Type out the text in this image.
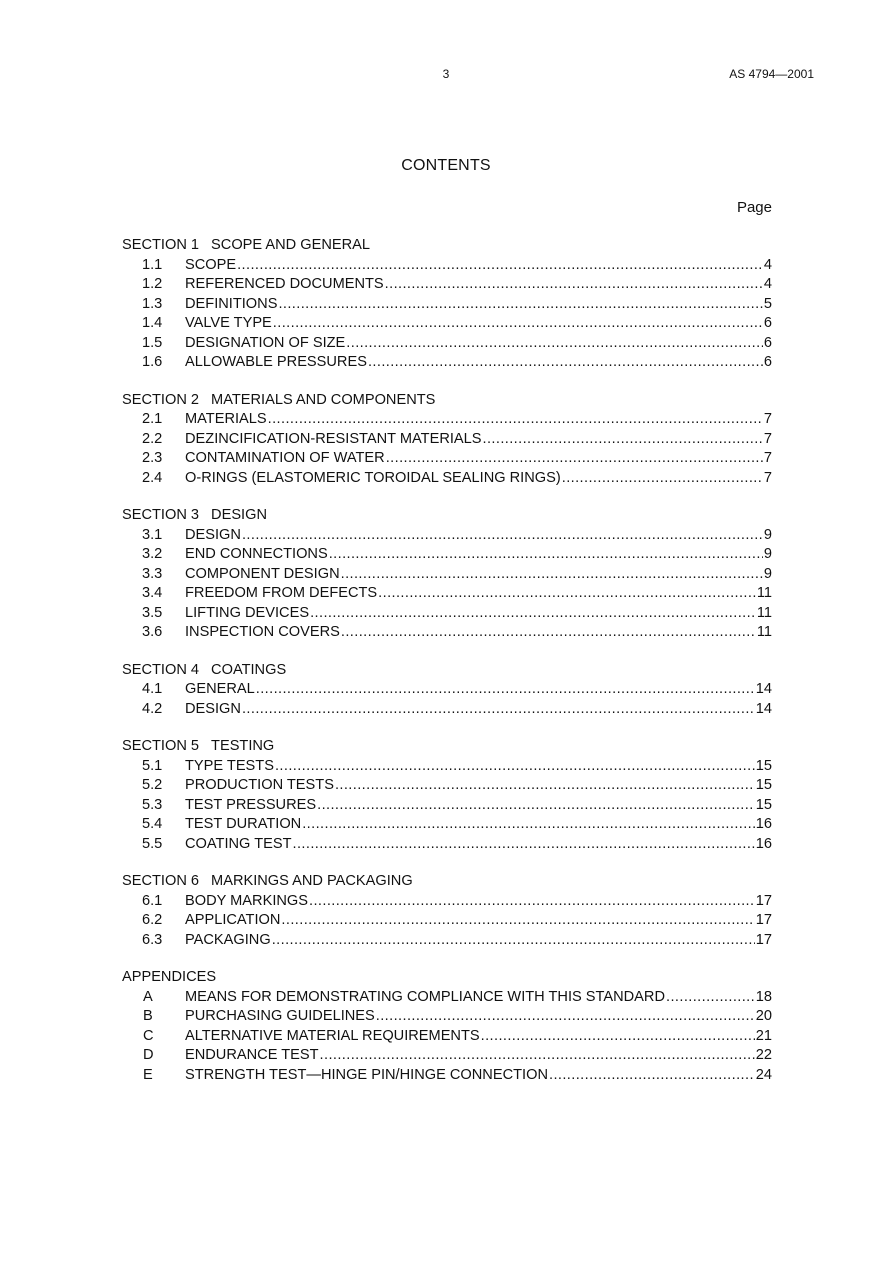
3	AS 4794—2001
CONTENTS
Page
SECTION 1 SCOPE AND GENERAL
1.1	SCOPE .....	4
1.2	REFERENCED DOCUMENTS .....	4
1.3	DEFINITIONS .....	5
1.4	VALVE TYPE .....	6
1.5	DESIGNATION OF SIZE .....	6
1.6	ALLOWABLE PRESSURES .....	6
SECTION 2 MATERIALS AND COMPONENTS
2.1	MATERIALS .....	7
2.2	DEZINCIFICATION-RESISTANT MATERIALS .....	7
2.3	CONTAMINATION OF WATER .....	7
2.4	O-RINGS (ELASTOMERIC TOROIDAL SEALING RINGS) .....	7
SECTION 3 DESIGN
3.1	DESIGN .....	9
3.2	END CONNECTIONS .....	9
3.3	COMPONENT DESIGN .....	9
3.4	FREEDOM FROM DEFECTS .....	11
3.5	LIFTING DEVICES .....	11
3.6	INSPECTION COVERS .....	11
SECTION 4 COATINGS
4.1	GENERAL .....	14
4.2	DESIGN .....	14
SECTION 5 TESTING
5.1	TYPE TESTS .....	15
5.2	PRODUCTION TESTS .....	15
5.3	TEST PRESSURES .....	15
5.4	TEST DURATION .....	16
5.5	COATING TEST .....	16
SECTION 6 MARKINGS AND PACKAGING
6.1	BODY MARKINGS .....	17
6.2	APPLICATION .....	17
6.3	PACKAGING .....	17
APPENDICES
A	MEANS FOR DEMONSTRATING COMPLIANCE WITH THIS STANDARD .....	18
B	PURCHASING GUIDELINES .....	20
C	ALTERNATIVE MATERIAL REQUIREMENTS .....	21
D	ENDURANCE TEST .....	22
E	STRENGTH TEST—HINGE PIN/HINGE CONNECTION .....	24
